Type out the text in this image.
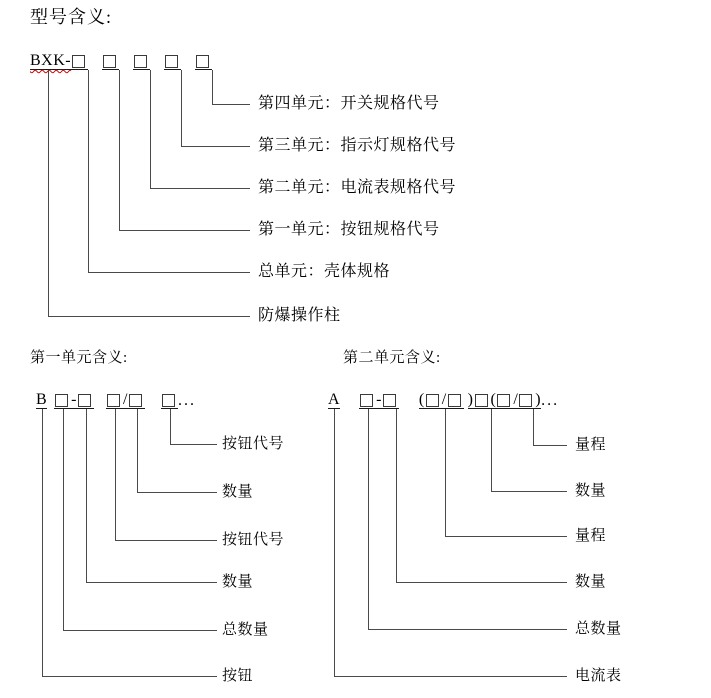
型号含义:
BXK-
第一单元含义:	第二单元含义:
B -	/	...	A - ( / ) ( / )...
防爆操作柱
总单元：壳体规格
第一单元：按钮规格代号
第二单元：电流表规格代号
第三单元：指示灯规格代号
第四单元：开关规格代号
按钮
总数量
数量
按钮代号
数量
按钮代号
电流表
总数量
数量
量程
数量
量程
